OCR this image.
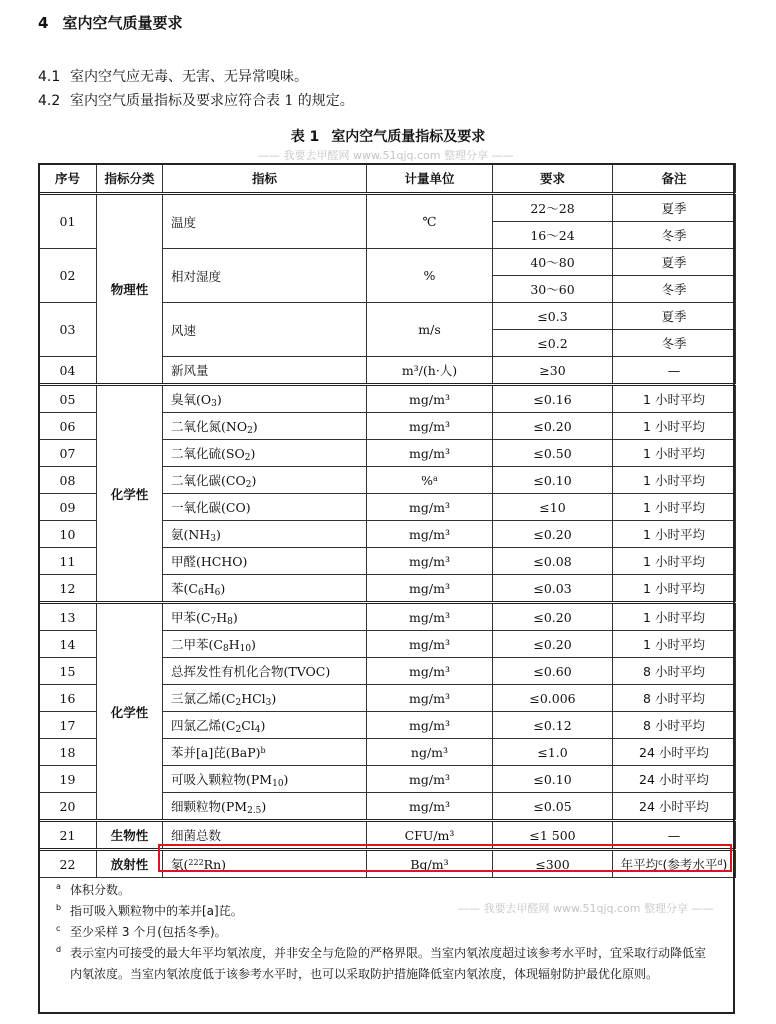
4 室内空气质量要求
4.1 室内空气应无毒、无害、无异常嗅味。
4.2 室内空气质量指标及要求应符合表 1 的规定。
表 1 室内空气质量指标及要求
—— 我要去甲醛网 www.51qjq.com 整理分享 ——
序号	指标分类	指标	计量单位	要求	备注
01	物理性	温度	℃	22～28	夏季
				16～24	冬季
02		相对湿度	%	40～80	夏季
				30～60	冬季
03		风速	m/s	≤0.3	夏季
				≤0.2	冬季
04		新风量	m³/(h·人)	≥30	—
05	化学性	臭氧$(O_3)$	mg/m³	≤0.16	1 小时平均
06		二氧化氮$(NO_2)$	mg/m³	≤0.20	1 小时平均
07		二氧化硫$(SO_2)$	mg/m³	≤0.50	1 小时平均
08		二氧化碳$(CO_2)$	%$^a$	≤0.10	1 小时平均
09		一氧化碳(CO)	mg/m³	≤10	1 小时平均
10		氨$(NH_3)$	mg/m³	≤0.20	1 小时平均
11		甲醛(HCHO)	mg/m³	≤0.08	1 小时平均
12		苯$(C_6H_6)$	mg/m³	≤0.03	1 小时平均
13	化学性	甲苯$(C_7H_8)$	mg/m³	≤0.20	1 小时平均
14		二甲苯$(C_8H_{10})$	mg/m³	≤0.20	1 小时平均
15		总挥发性有机化合物(TVOC)	mg/m³	≤0.60	8 小时平均
16		三氯乙烯$(C_2HCl_3)$	mg/m³	≤0.006	8 小时平均
17		四氯乙烯$(C_2Cl_4)$	mg/m³	≤0.12	8 小时平均
18		苯并[a]芘(BaP)$^b$	ng/m³	≤1.0	24 小时平均
19		可吸入颗粒物$(PM_{10})$	mg/m³	≤0.10	24 小时平均
20		细颗粒物$(PM_{2.5})$	mg/m³	≤0.05	24 小时平均
21	生物性	细菌总数	CFU/m³	≤1 500	—
22	放射性	氡($^{222}$Rn)	Bq/m³	≤300	年平均$^c$(参考水平$^d$)
a 体积分数。
b 指可吸入颗粒物中的苯并[a]芘。
c 至少采样 3 个月(包括冬季)。
d 表示室内可接受的最大年平均氡浓度，并非安全与危险的严格界限。当室内氡浓度超过该参考水平时，宜采取行动降低室内氡浓度。当室内氡浓度低于该参考水平时，也可以采取防护措施降低室内氡浓度，体现辐射防护最优化原则。
—— 我要去甲醛网 www.51qjq.com 整理分享 ——
